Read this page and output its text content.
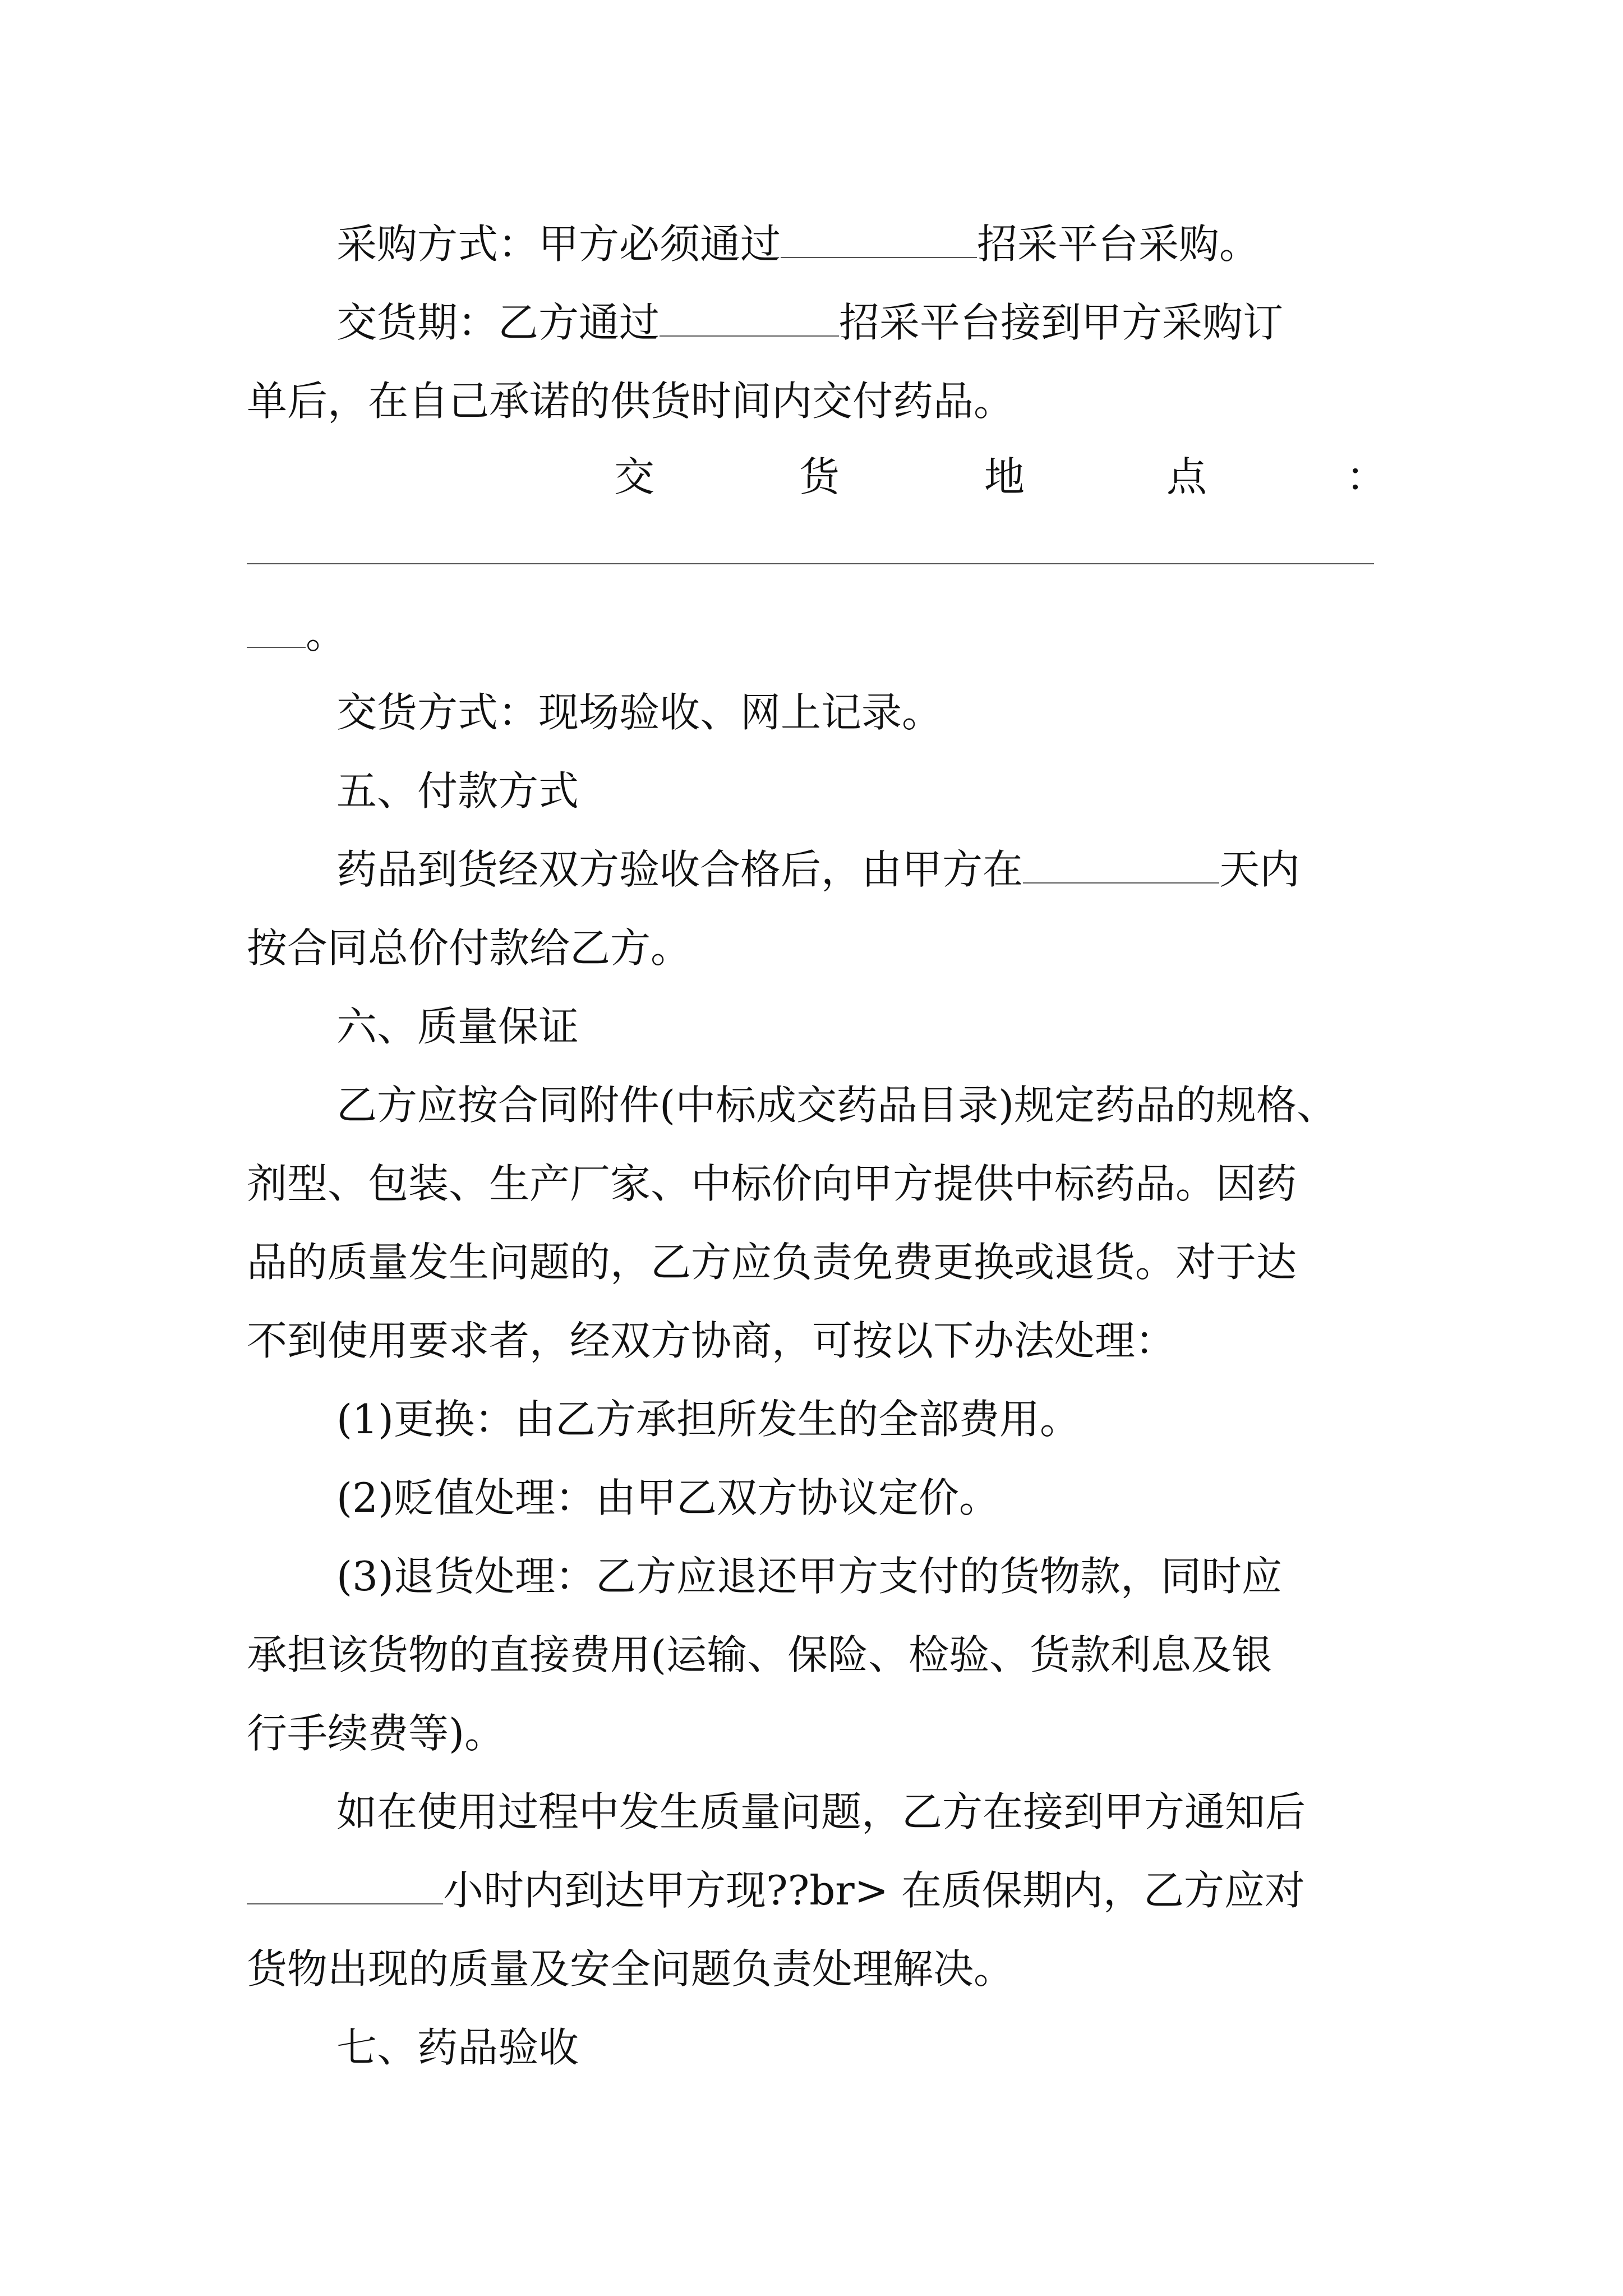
采购方式：甲方必须通过	招采平台采购。
交货期：乙方通过	招采平台接到甲方采购订
单后，在自己承诺的供货时间内交付药品。
交	货	地	点	：
。
交货方式：现场验收、网上记录。
五、付款方式
药品到货经双方验收合格后，由甲方在	天内
按合同总价付款给乙方。
六、质量保证
乙方应按合同附件(中标成交药品目录)规定药品的规格、
剂型、包装、生产厂家、中标价向甲方提供中标药品。因药
品的质量发生问题的，乙方应负责免费更换或退货。对于达
不到使用要求者，经双方协商，可按以下办法处理：
(1)更换：由乙方承担所发生的全部费用。
(2)贬值处理：由甲乙双方协议定价。
(3)退货处理：乙方应退还甲方支付的货物款，同时应
承担该货物的直接费用(运输、保险、检验、货款利息及银
行手续费等)。
如在使用过程中发生质量问题，乙方在接到甲方通知后
小时内到达甲方现??br> 在质保期内，乙方应对
货物出现的质量及安全问题负责处理解决。
七、药品验收
